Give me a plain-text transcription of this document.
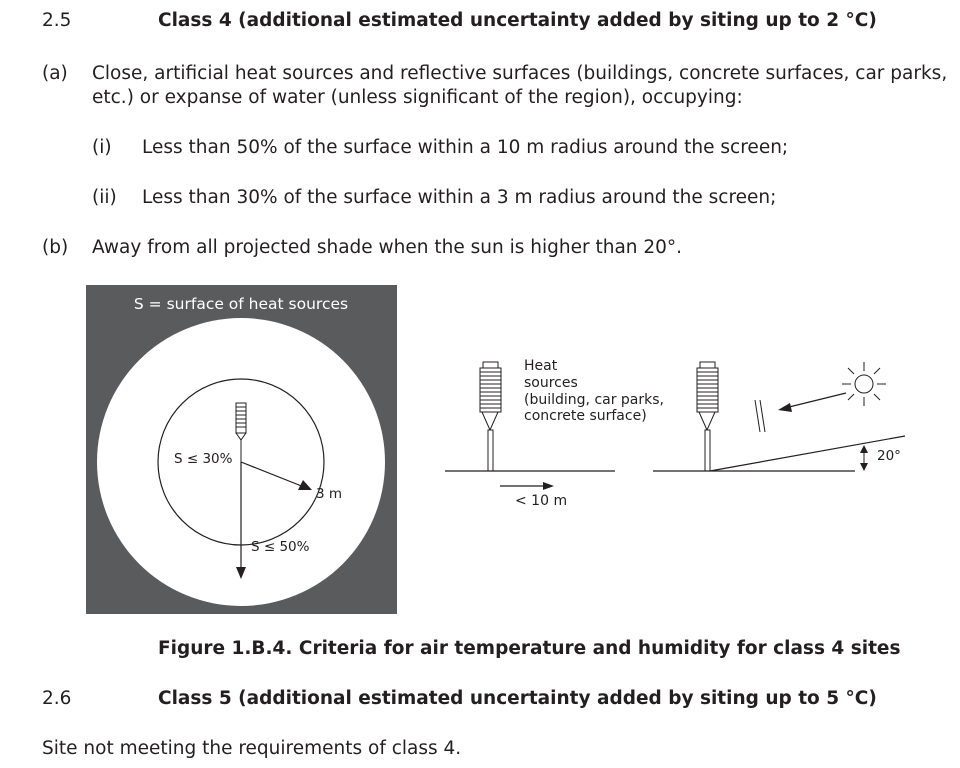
2.5	Class 4 (additional estimated uncertainty added by siting up to 2 °C)
(a) Close, artificial heat sources and reflective surfaces (buildings, concrete surfaces, car parks,
etc.) or expanse of water (unless significant of the region), occupying:
(i) Less than 50% of the surface within a 10 m radius around the screen;
(ii) Less than 30% of the surface within a 3 m radius around the screen;
(b) Away from all projected shade when the sun is higher than 20°.
S = surface of heat sources
S ≤ 30%
3 m
S ≤ 50%
10 m
Heat
sources
(building, car parks,
concrete surface)
< 10 m
20°
Figure 1.B.4. Criteria for air temperature and humidity for class 4 sites
2.6	Class 5 (additional estimated uncertainty added by siting up to 5 °C)
Site not meeting the requirements of class 4.
